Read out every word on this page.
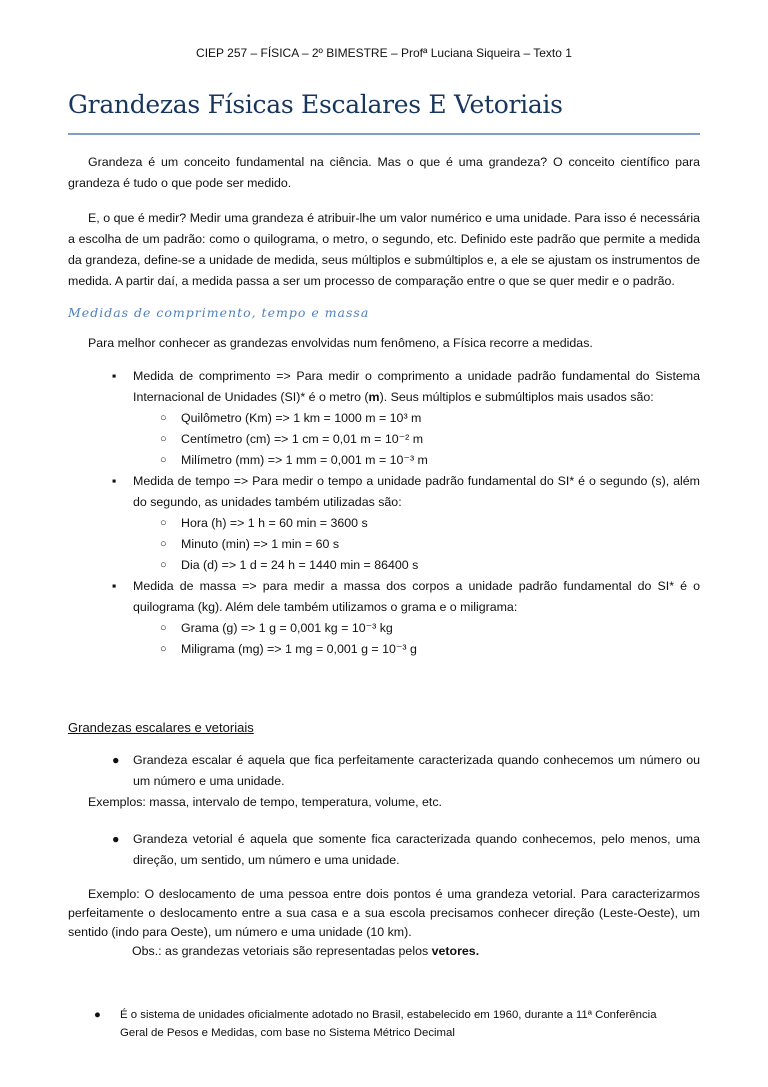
CIEP 257 – FÍSICA – 2º BIMESTRE – Profª Luciana Siqueira – Texto 1
Grandezas Físicas Escalares E Vetoriais

Grandeza é um conceito fundamental na ciência. Mas o que é uma grandeza? O conceito científico para grandeza é tudo o que pode ser medido.

E, o que é medir? Medir uma grandeza é atribuir-lhe um valor numérico e uma unidade. Para isso é necessária a escolha de um padrão: como o quilograma, o metro, o segundo, etc. Definido este padrão que permite a medida da grandeza, define-se a unidade de medida, seus múltiplos e submúltiplos e, a ele se ajustam os instrumentos de medida. A partir daí, a medida passa a ser um processo de comparação entre o que se quer medir e o padrão.

Medidas de comprimento, tempo e massa

Para melhor conhecer as grandezas envolvidas num fenômeno, a Física recorre a medidas.

▪ Medida de comprimento => Para medir o comprimento a unidade padrão fundamental do Sistema Internacional de Unidades (SI)* é o metro (m). Seus múltiplos e submúltiplos mais usados são:
○ Quilômetro (Km) => 1 km = 1000 m = 10³ m
○ Centímetro (cm) => 1 cm = 0,01 m = 10⁻² m
○ Milímetro (mm) => 1 mm = 0,001 m = 10⁻³ m
▪ Medida de tempo => Para medir o tempo a unidade padrão fundamental do SI* é o segundo (s), além do segundo, as unidades também utilizadas são:
○ Hora (h) => 1 h = 60 min = 3600 s
○ Minuto (min) => 1 min = 60 s
○ Dia (d) => 1 d = 24 h = 1440 min = 86400 s
▪ Medida de massa => para medir a massa dos corpos a unidade padrão fundamental do SI* é o quilograma (kg). Além dele também utilizamos o grama e o miligrama:
○ Grama (g) => 1 g = 0,001 kg = 10⁻³ kg
○ Miligrama (mg) => 1 mg = 0,001 g = 10⁻³ g

Grandezas escalares e vetoriais

● Grandeza escalar é aquela que fica perfeitamente caracterizada quando conhecemos um número ou um número e uma unidade.

Exemplos: massa, intervalo de tempo, temperatura, volume, etc.

● Grandeza vetorial é aquela que somente fica caracterizada quando conhecemos, pelo menos, uma direção, um sentido, um número e uma unidade.

Exemplo: O deslocamento de uma pessoa entre dois pontos é uma grandeza vetorial. Para caracterizarmos perfeitamente o deslocamento entre a sua casa e a sua escola precisamos conhecer direção (Leste-Oeste), um sentido (indo para Oeste), um número e uma unidade (10 km).

Obs.: as grandezas vetoriais são representadas pelos vetores.

● É o sistema de unidades oficialmente adotado no Brasil, estabelecido em 1960, durante a 11ª Conferência Geral de Pesos e Medidas, com base no Sistema Métrico Decimal
